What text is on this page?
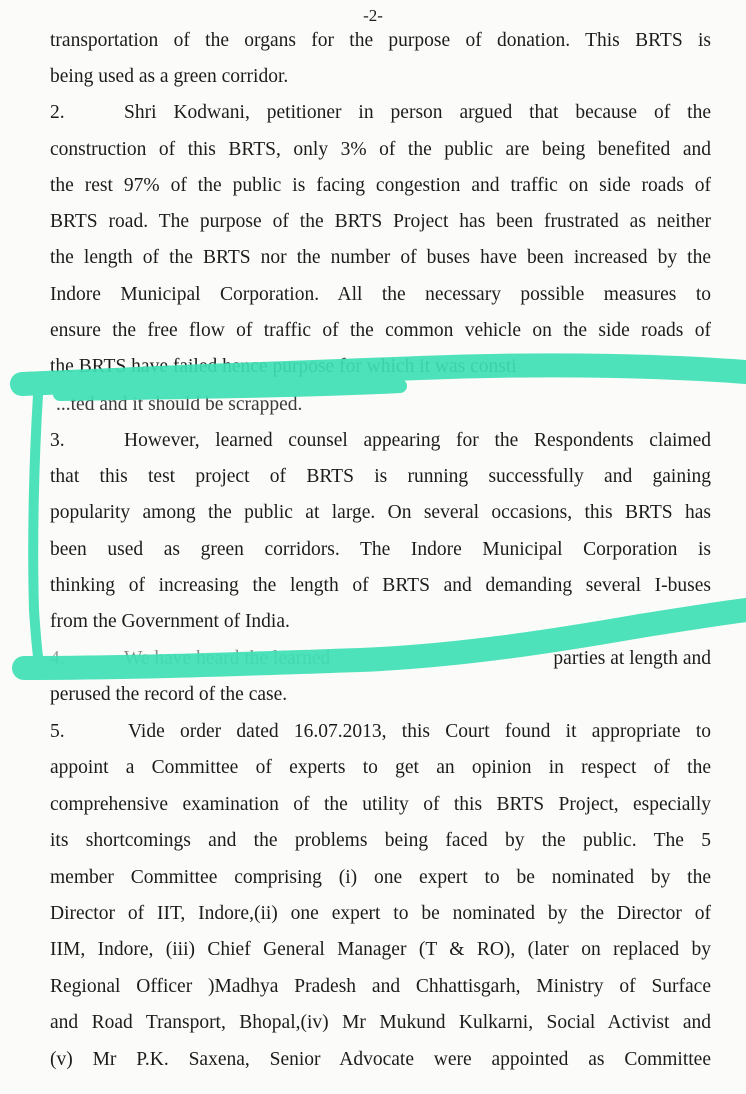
-2-
transportation of the organs for the purpose of donation. This BRTS is
being used as a green corridor.
2.	Shri Kodwani, petitioner in person argued that because of the
construction of this BRTS, only 3% of the public are being benefited and
the rest 97% of the public is facing congestion and traffic on side roads of
BRTS road. The purpose of the BRTS Project has been frustrated as neither
the length of the BRTS nor the number of buses have been increased by the
Indore Municipal Corporation. All the necessary possible measures to
ensure the free flow of traffic of the common vehicle on the side roads of
the BRTS have failed hence purpose for which it was consti
...ted and it should be scrapped.
3.	However, learned counsel appearing for the Respondents claimed
that this test project of BRTS is running successfully and gaining
popularity among the public at large. On several occasions, this BRTS has
been used as green corridors. The Indore Municipal Corporation is
thinking of increasing the length of BRTS and demanding several I-buses
from the Government of India.
4.	We have heard the learned	parties at length and
perused the record of the case.
5.	Vide order dated 16.07.2013, this Court found it appropriate to
appoint a Committee of experts to get an opinion in respect of the
comprehensive examination of the utility of this BRTS Project, especially
its shortcomings and the problems being faced by the public. The 5
member Committee comprising (i) one expert to be nominated by the
Director of IIT, Indore,(ii) one expert to be nominated by the Director of
IIM, Indore, (iii) Chief General Manager (T & RO), (later on replaced by
Regional Officer )Madhya Pradesh and Chhattisgarh, Ministry of Surface
and Road Transport, Bhopal,(iv) Mr Mukund Kulkarni, Social Activist and
(v) Mr P.K. Saxena, Senior Advocate were appointed as Committee
